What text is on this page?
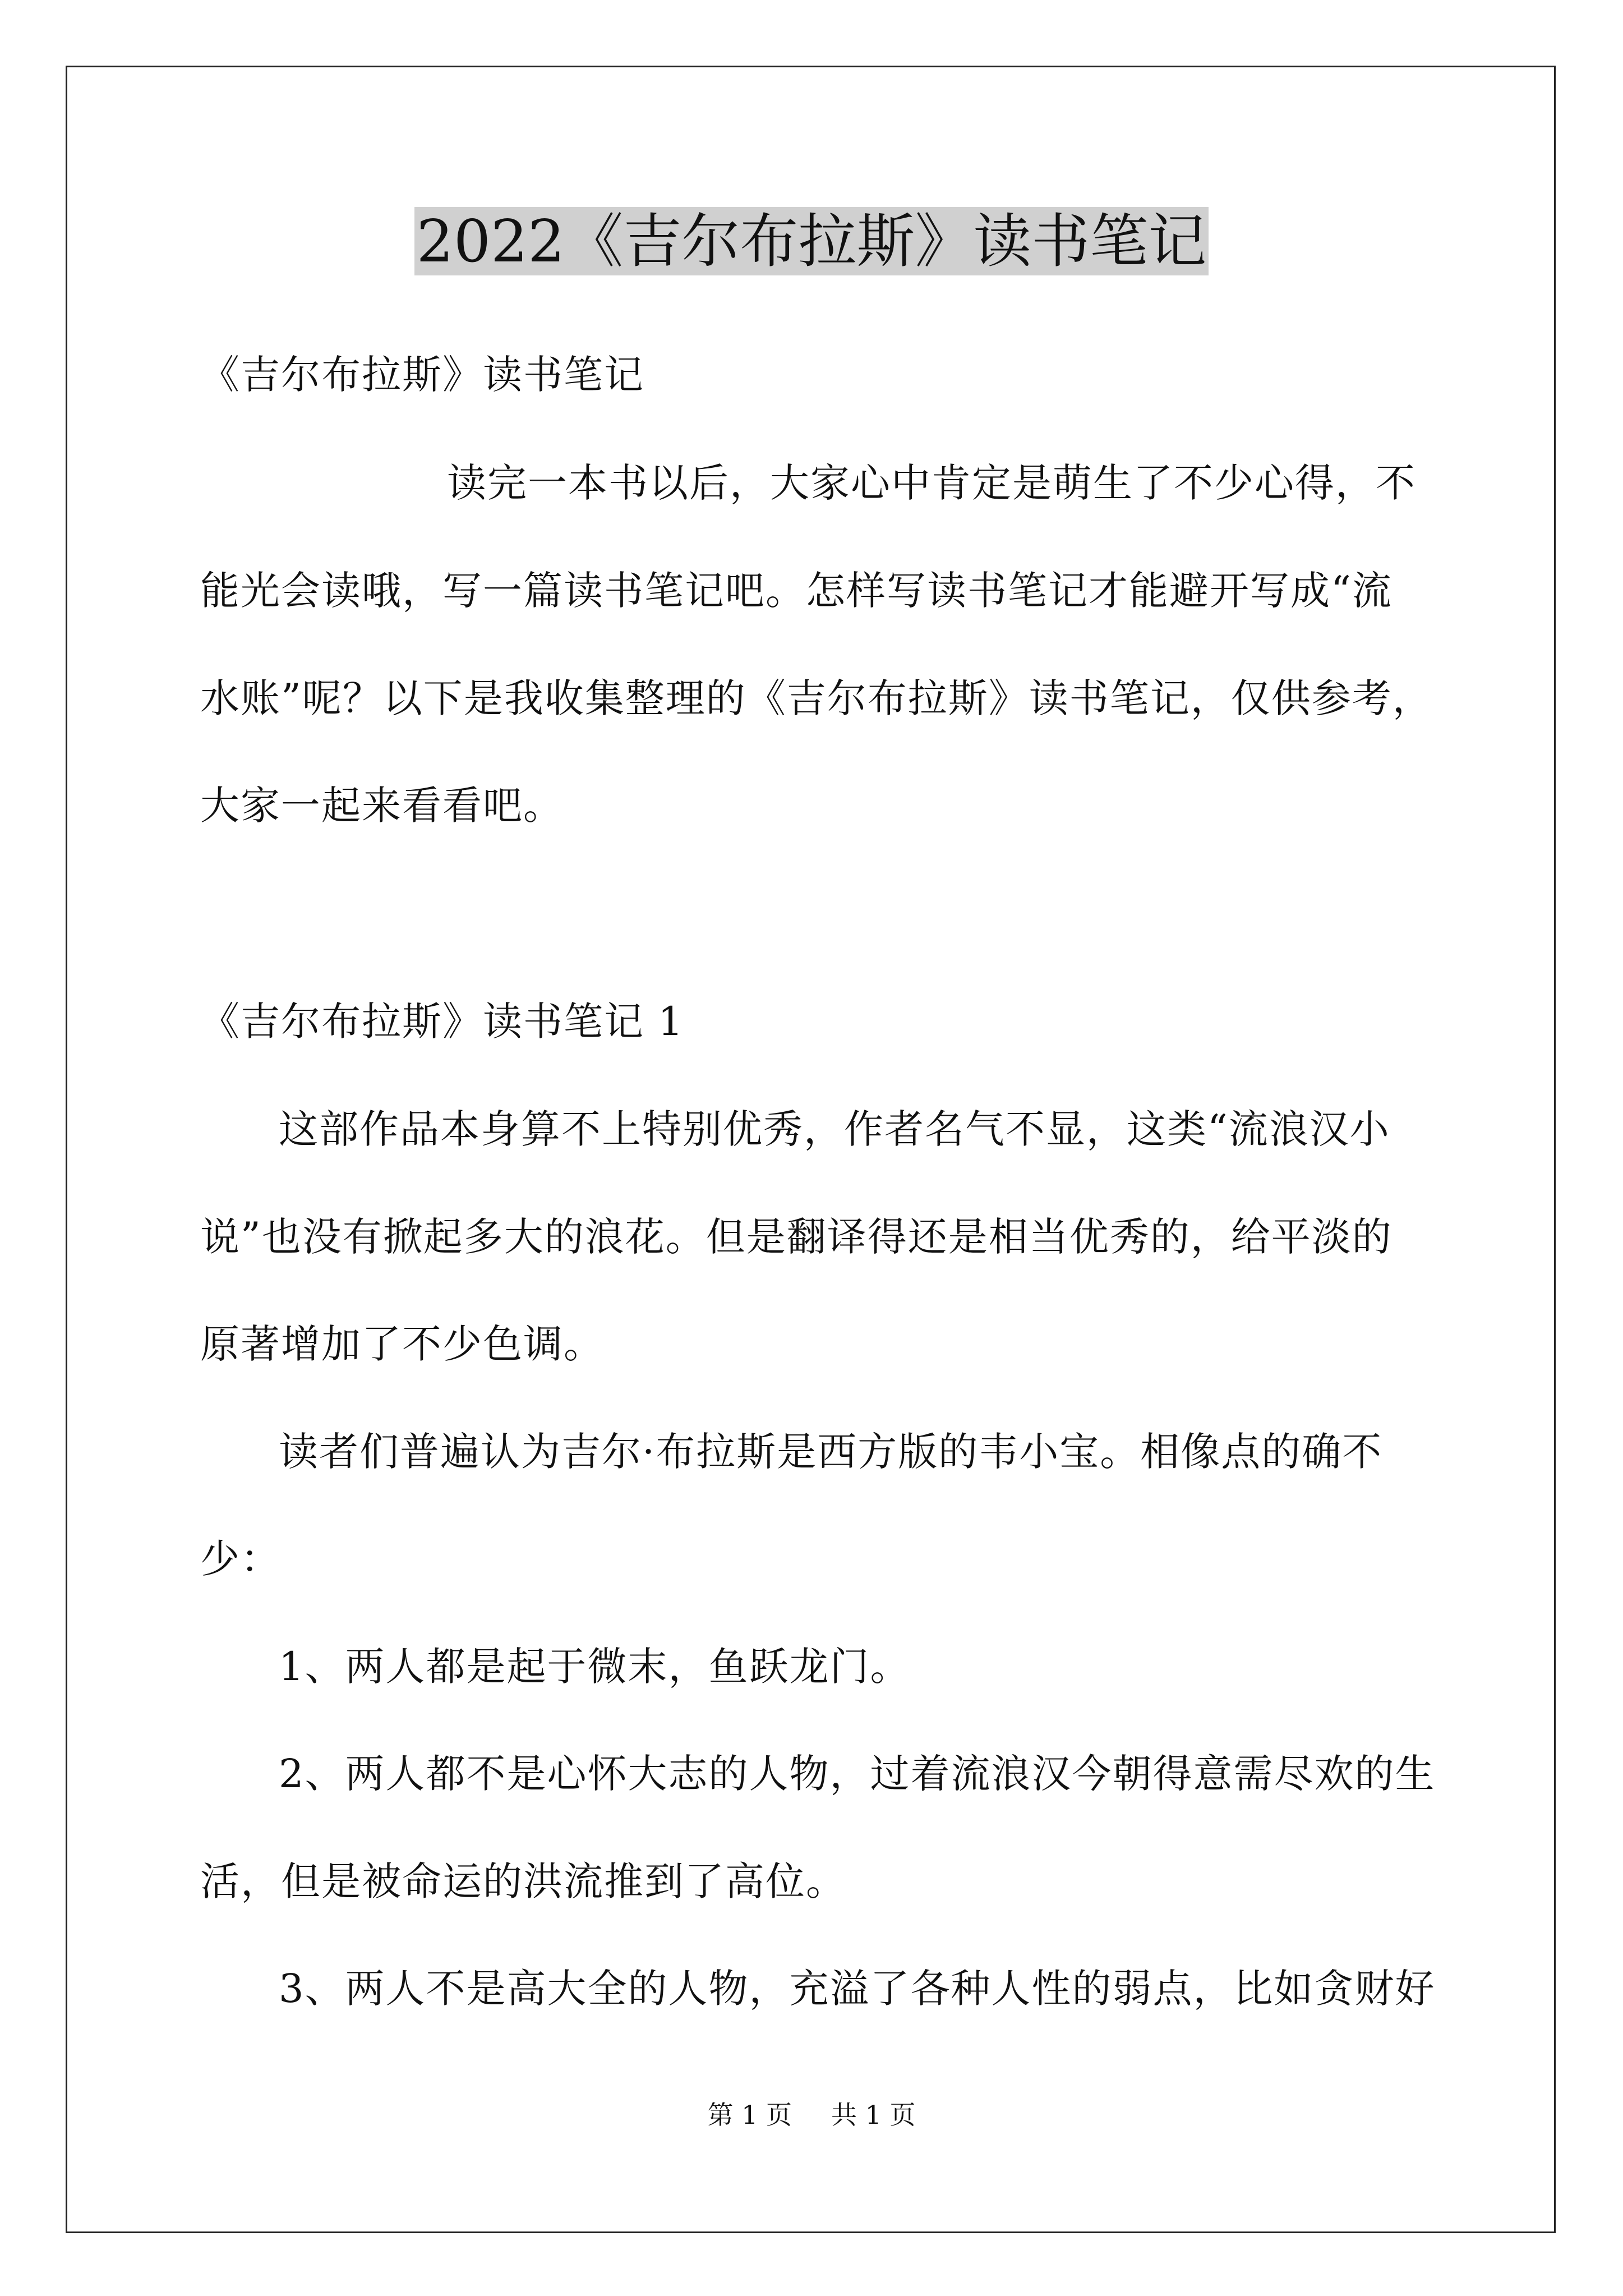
2022《吉尔布拉斯》读书笔记
《吉尔布拉斯》读书笔记
读完一本书以后，大家心中肯定是萌生了不少心得，不
能光会读哦，写一篇读书笔记吧。怎样写读书笔记才能避开写成“流
水账”呢？以下是我收集整理的《吉尔布拉斯》读书笔记，仅供参考，
大家一起来看看吧。
《吉尔布拉斯》读书笔记 1
这部作品本身算不上特别优秀，作者名气不显，这类“流浪汉小
说”也没有掀起多大的浪花。但是翻译得还是相当优秀的，给平淡的
原著增加了不少色调。
读者们普遍认为吉尔·布拉斯是西方版的韦小宝。相像点的确不
少：
1、两人都是起于微末，鱼跃龙门。
2、两人都不是心怀大志的人物，过着流浪汉今朝得意需尽欢的生
活，但是被命运的洪流推到了高位。
3、两人不是高大全的人物，充溢了各种人性的弱点，比如贪财好
第 1 页 共 1 页
